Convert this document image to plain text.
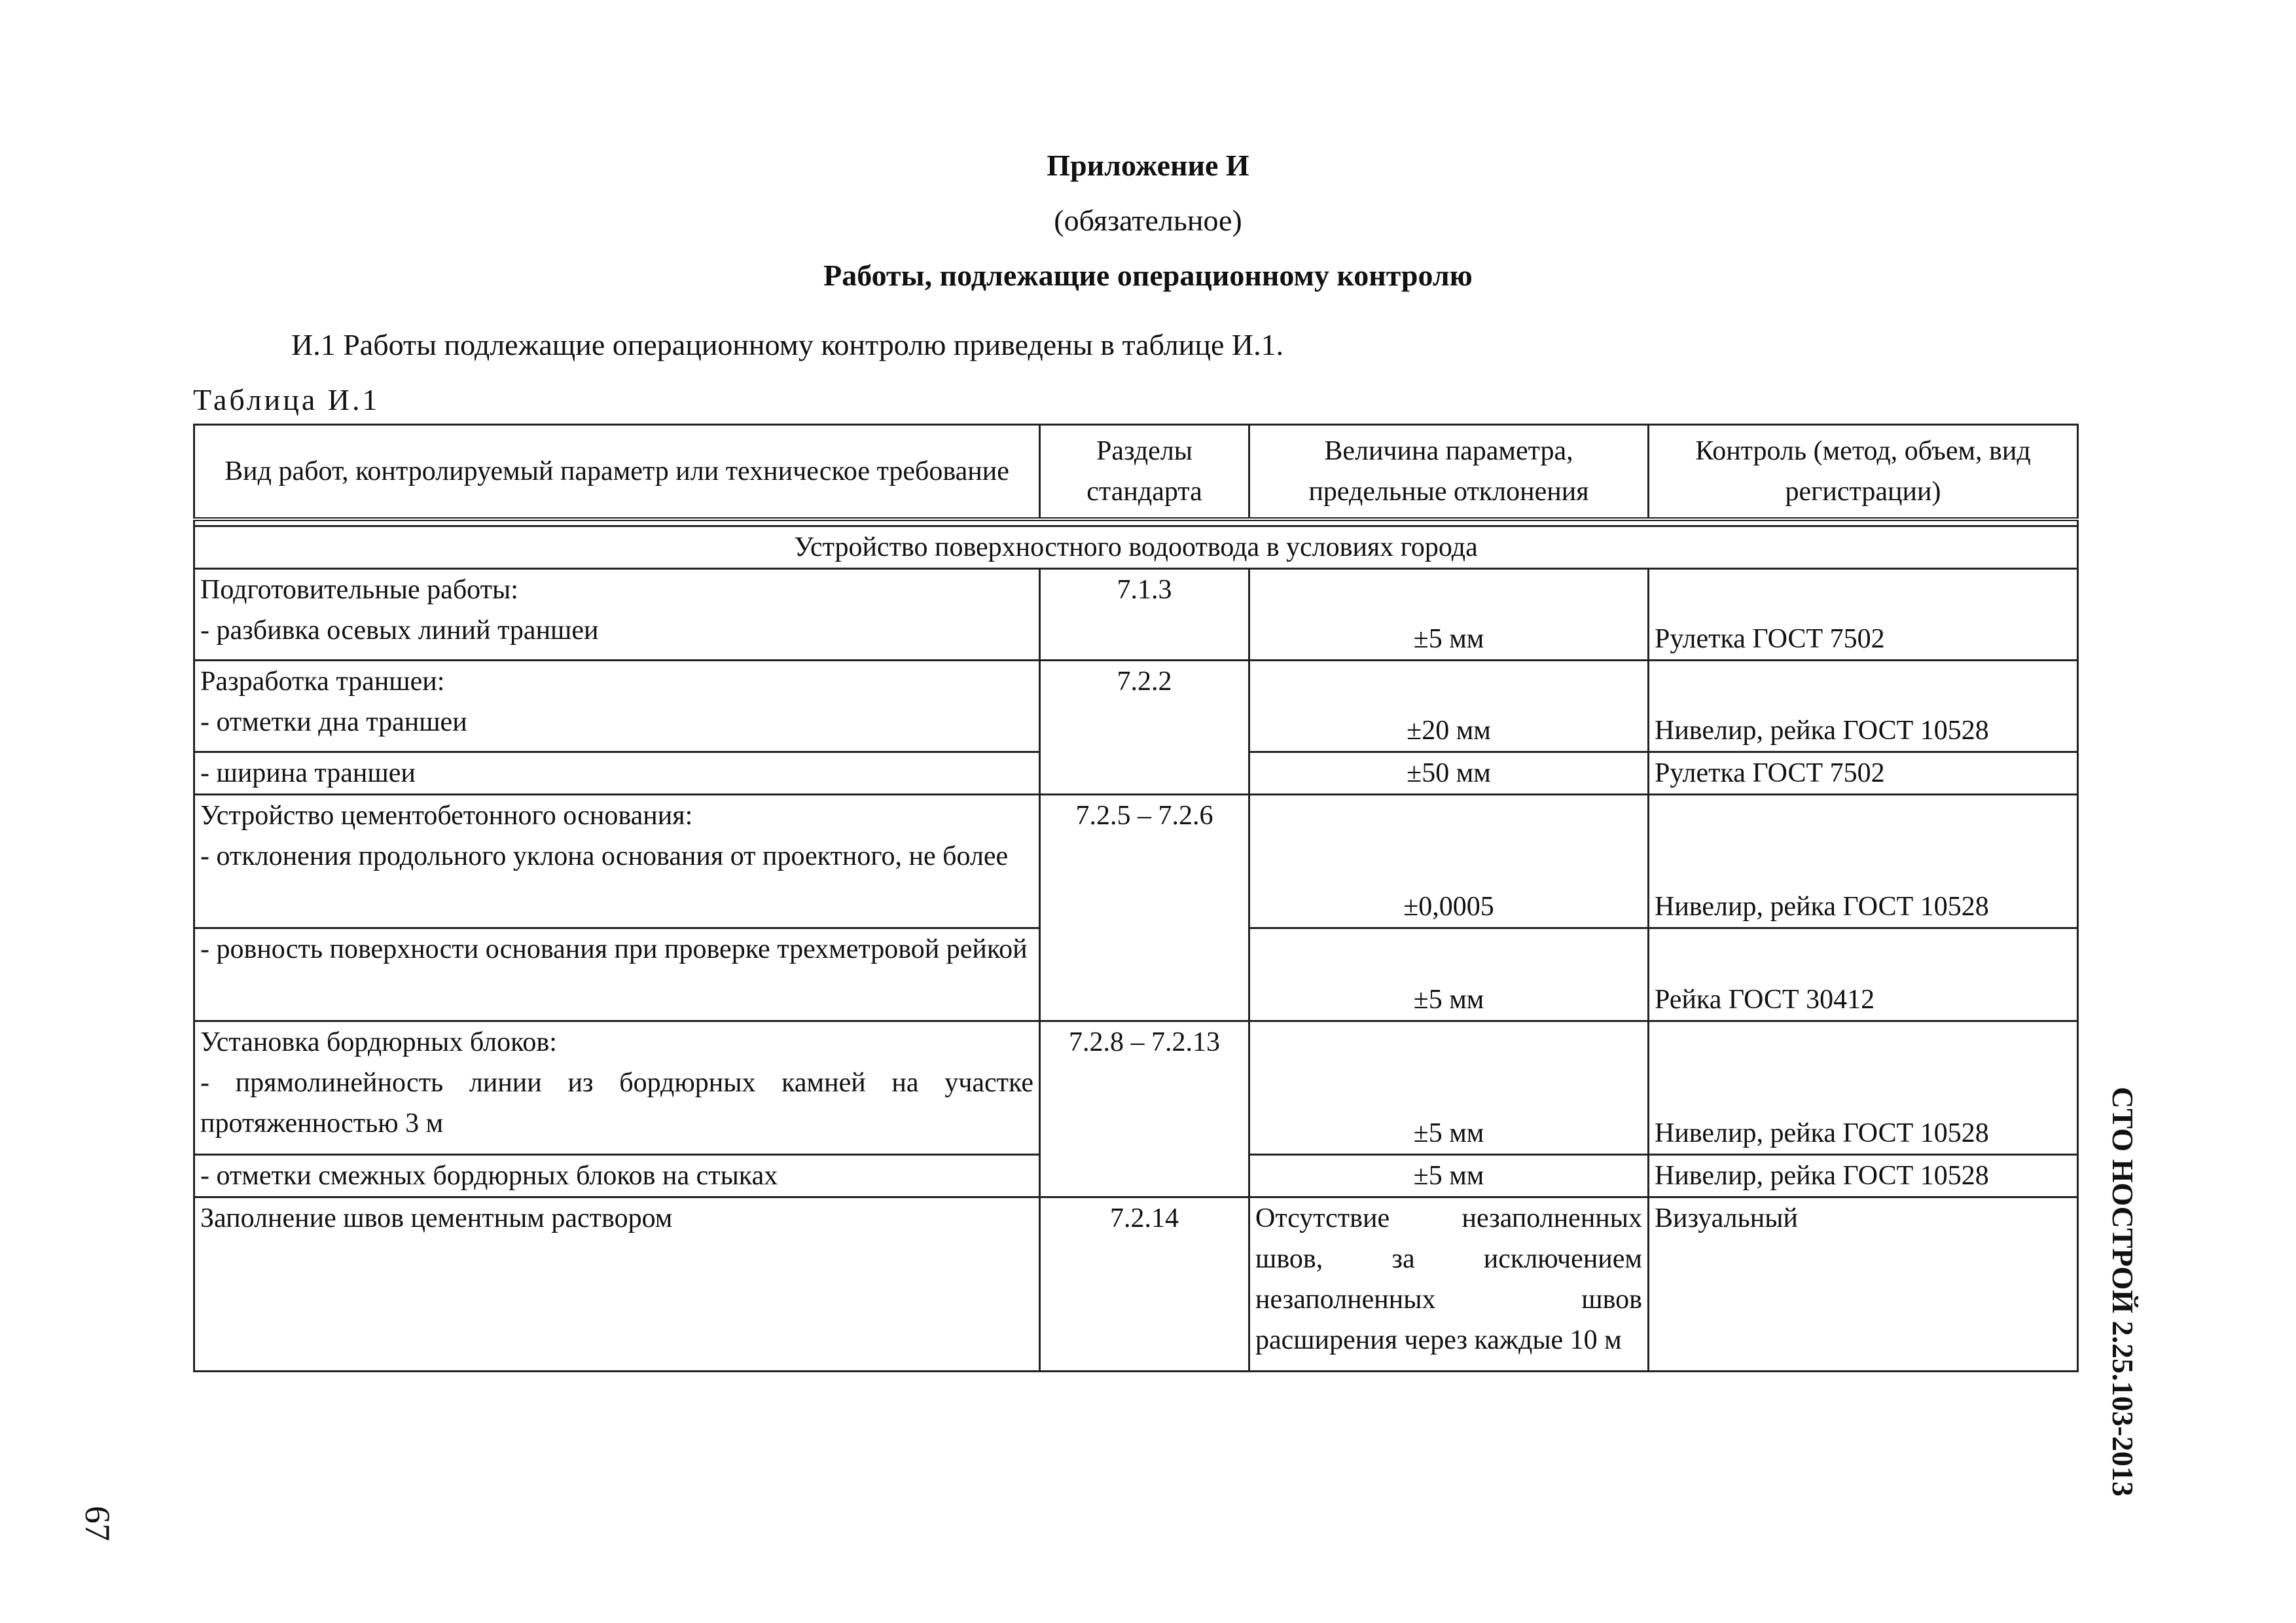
Приложение И
(обязательное)
Работы, подлежащие операционному контролю
И.1 Работы подлежащие операционному контролю приведены в таблице И.1.
Таблица И.1
Вид работ, контролируемый параметр или техническое требование	Разделы стандарта	Величина параметра, предельные отклонения	Контроль (метод, объем, вид регистрации)

Устройство поверхностного водоотвода в условиях города			

Подготовительные работы:
- разбивка осевых линий траншеи	7.1.3	±5 мм	Рулетка ГОСТ 7502

Разработка траншеи:
- отметки дна траншеи	7.2.2	±20 мм	Нивелир, рейка ГОСТ 10528
- ширина траншеи		±50 мм	Рулетка ГОСТ 7502

Устройство цементобетонного основания:
- отклонения продольного уклона основания от проектного, не более	7.2.5 – 7.2.6	±0,0005	Нивелир, рейка ГОСТ 10528
- ровность поверхности основания при проверке трехметровой рейкой		±5 мм	Рейка ГОСТ 30412

Установка бордюрных блоков:
- прямолинейность линии из бордюрных камней на участке протяженностью 3 м	7.2.8 – 7.2.13	±5 мм	Нивелир, рейка ГОСТ 10528
- отметки смежных бордюрных блоков на стыках		±5 мм	Нивелир, рейка ГОСТ 10528
Заполнение швов цементным раствором	7.2.14	Отсутствие незаполненных швов, за исключением незаполненных швов расширения через каждые 10 м	Визуальный	СТО НОСТРОЙ 2.25.103-2013
67
